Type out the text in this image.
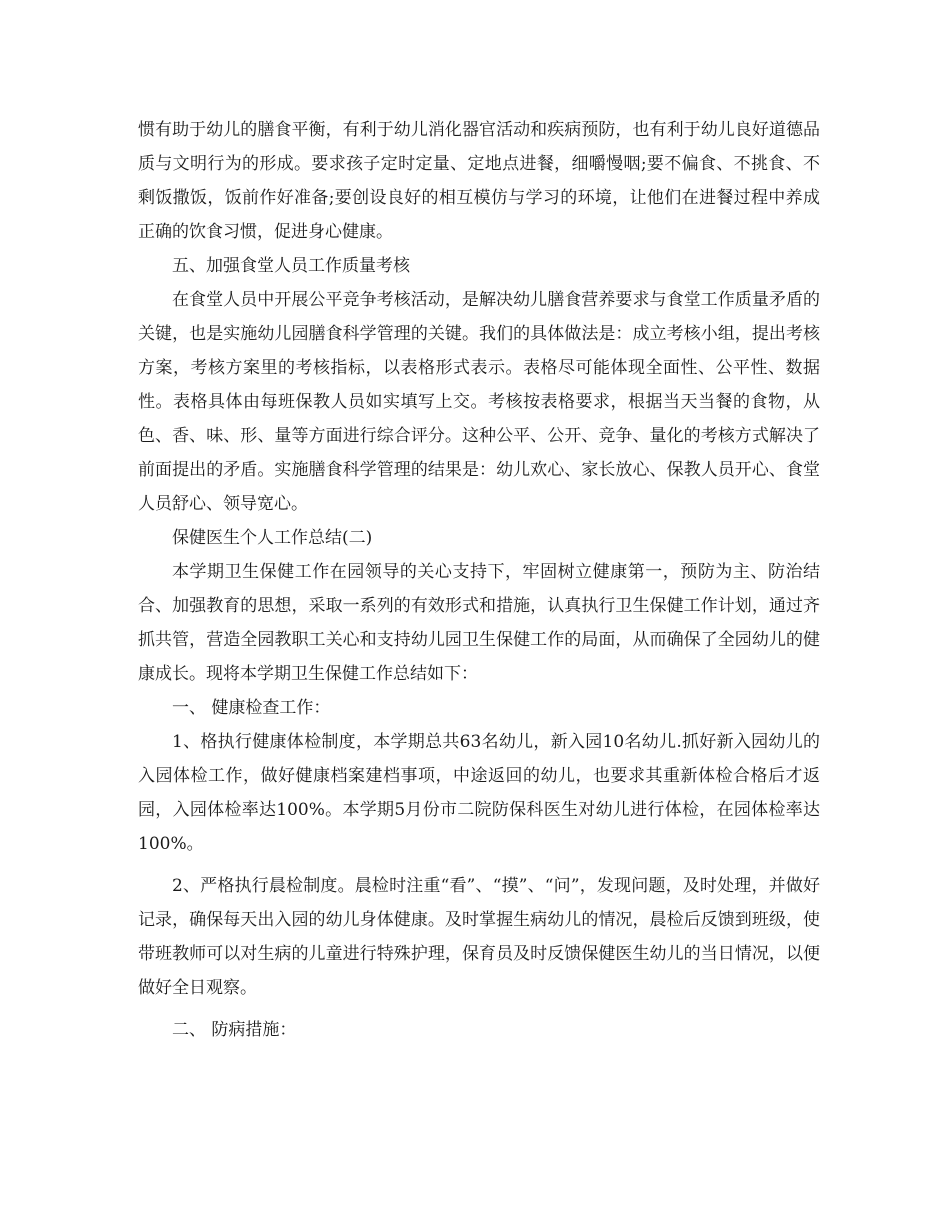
惯有助于幼儿的膳食平衡，有利于幼儿消化器官活动和疾病预防，也有利于幼儿良好道德品质与文明行为的形成。要求孩子定时定量、定地点进餐，细嚼慢咽;要不偏食、不挑食、不剩饭撒饭，饭前作好准备;要创设良好的相互模仿与学习的环境，让他们在进餐过程中养成正确的饮食习惯，促进身心健康。

五、加强食堂人员工作质量考核

在食堂人员中开展公平竞争考核活动，是解决幼儿膳食营养要求与食堂工作质量矛盾的关键，也是实施幼儿园膳食科学管理的关键。我们的具体做法是：成立考核小组，提出考核方案，考核方案里的考核指标，以表格形式表示。表格尽可能体现全面性、公平性、数据性。表格具体由每班保教人员如实填写上交。考核按表格要求，根据当天当餐的食物，从色、香、味、形、量等方面进行综合评分。这种公平、公开、竞争、量化的考核方式解决了前面提出的矛盾。实施膳食科学管理的结果是：幼儿欢心、家长放心、保教人员开心、食堂人员舒心、领导宽心。

保健医生个人工作总结(二)

本学期卫生保健工作在园领导的关心支持下，牢固树立健康第一，预防为主、防治结合、加强教育的思想，采取一系列的有效形式和措施，认真执行卫生保健工作计划，通过齐抓共管，营造全园教职工关心和支持幼儿园卫生保健工作的局面，从而确保了全园幼儿的健康成长。现将本学期卫生保健工作总结如下：

一、 健康检查工作：

1、格执行健康体检制度，本学期总共63名幼儿，新入园10名幼儿.抓好新入园幼儿的入园体检工作，做好健康档案建档事项，中途返回的幼儿，也要求其重新体检合格后才返园，入园体检率达100%。本学期5月份市二院防保科医生对幼儿进行体检，在园体检率达100%。

2、严格执行晨检制度。晨检时注重“看”、“摸”、“问”，发现问题，及时处理，并做好记录，确保每天出入园的幼儿身体健康。及时掌握生病幼儿的情况，晨检后反馈到班级，使带班教师可以对生病的儿童进行特殊护理，保育员及时反馈保健医生幼儿的当日情况，以便做好全日观察。

二、 防病措施：
